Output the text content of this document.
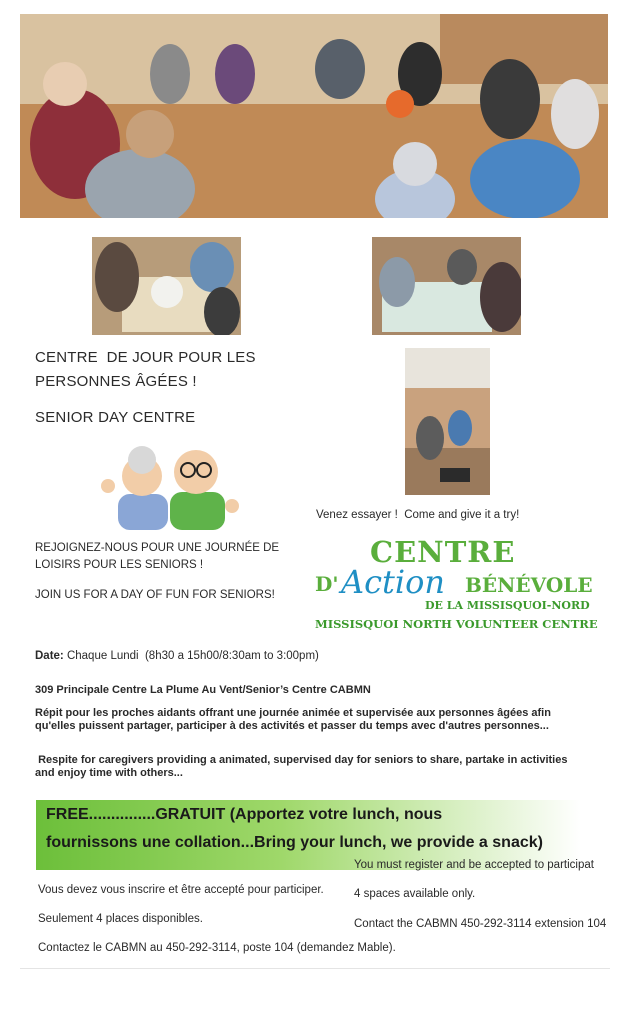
CENTRE  DE JOUR POUR LES
PERSONNES ÂGÉES !
SENIOR DAY CENTRE
REJOIGNEZ-NOUS POUR UNE JOURNÉE DE
LOISIRS POUR LES SENIORS !
JOIN US FOR A DAY OF FUN FOR SENIORS!
Venez essayer !  Come and give it a try!
CENTRE
D' Action BÉNÉVOLE
DE LA MISSISQUOI-NORD
MISSISQUOI NORTH VOLUNTEER CENTRE
Date: Chaque Lundi  (8h30 a 15h00/8:30am to 3:00pm)
309 Principale Centre La Plume Au Vent/Senior’s Centre CABMN
Répit pour les proches aidants offrant une journée animée et supervisée aux personnes âgées afin qu'elles puissent partager, participer à des activités et passer du temps avec d'autres personnes...
Respite for caregivers providing a animated, supervised day for seniors to share, partake in activities and enjoy time with others...
FREE...............GRATUIT (Apportez votre lunch, nous
fournissons une collation...Bring your lunch, we provide a snack)
You must register and be accepted to participat
4 spaces available only.
Contact the CABMN 450-292-3114 extension 104
Vous devez vous inscrire et être accepté pour participer.
Seulement 4 places disponibles.
Contactez le CABMN au 450-292-3114, poste 104 (demandez Mable).
